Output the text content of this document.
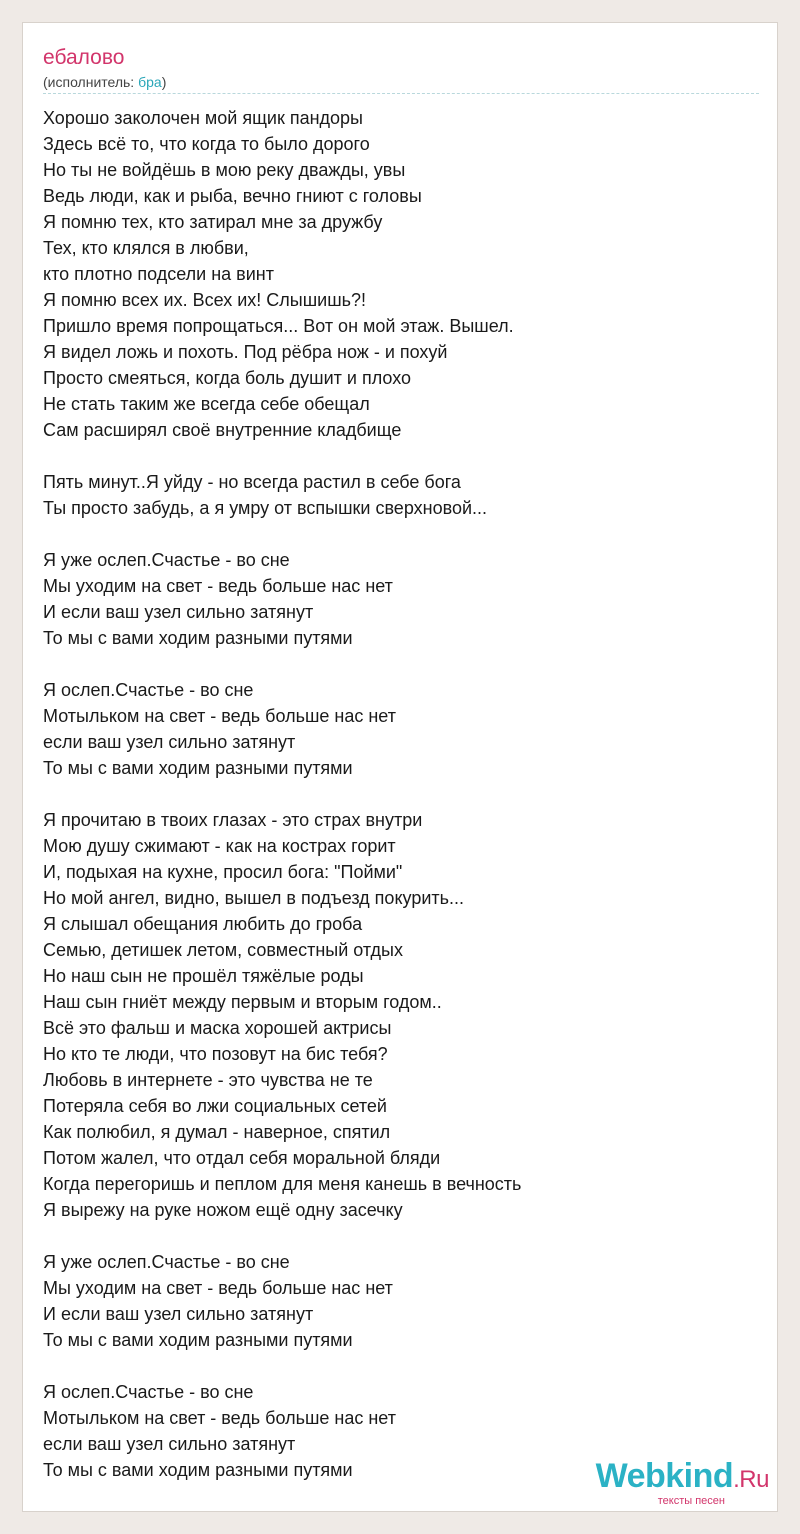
ебалово
(исполнитель: бра)
Хорошо заколочен мой ящик пандоры
Здесь всё то, что когда то было дорого
Но ты не войдёшь в мою реку дважды, увы
Ведь люди, как и рыба, вечно гниют с головы
Я помню тех, кто затирал мне за дружбу
Тех, кто клялся в любви,
кто плотно подсели на винт
Я помню всех их. Всех их! Слышишь?!
Пришло время попрощаться... Вот он мой этаж. Вышел.
Я видел ложь и похоть. Под рёбра нож - и похуй
Просто смеяться, когда боль душит и плохо
Не стать таким же всегда себе обещал
Сам расширял своё внутренние кладбище
Пять минут..Я уйду - но всегда растил в себе бога
Ты просто забудь, а я умру от вспышки сверхновой...
Я уже ослеп.Счастье - во сне
Мы уходим на свет - ведь больше нас нет
И если ваш узел сильно затянут
То мы с вами ходим разными путями
Я ослеп.Счастье - во сне
Мотыльком на свет - ведь больше нас нет
если ваш узел сильно затянут
То мы с вами ходим разными путями
Я прочитаю в твоих глазах - это страх внутри
Мою душу сжимают - как на кострах горит
И, подыхая на кухне, просил бога: "Пойми"
Но мой ангел, видно, вышел в подъезд покурить...
Я слышал обещания любить до гроба
Семью, детишек летом, совместный отдых
Но наш сын не прошёл тяжёлые роды
Наш сын гниёт между первым и вторым годом..
Всё это фальш и маска хорошей актрисы
Но кто те люди, что позовут на бис тебя?
Любовь в интернете - это чувства не те
Потеряла себя во лжи социальных сетей
Как полюбил, я думал - наверное, спятил
Потом жалел, что отдал себя моральной бляди
Когда перегоришь и пеплом для меня канешь в вечность
Я вырежу на руке ножом ещё одну засечку
Я уже ослеп.Счастье - во сне
Мы уходим на свет - ведь больше нас нет
И если ваш узел сильно затянут
То мы с вами ходим разными путями
Я ослеп.Счастье - во сне
Мотыльком на свет - ведь больше нас нет
если ваш узел сильно затянут
То мы с вами ходим разными путями	Webkind.Ru
тексты песен
